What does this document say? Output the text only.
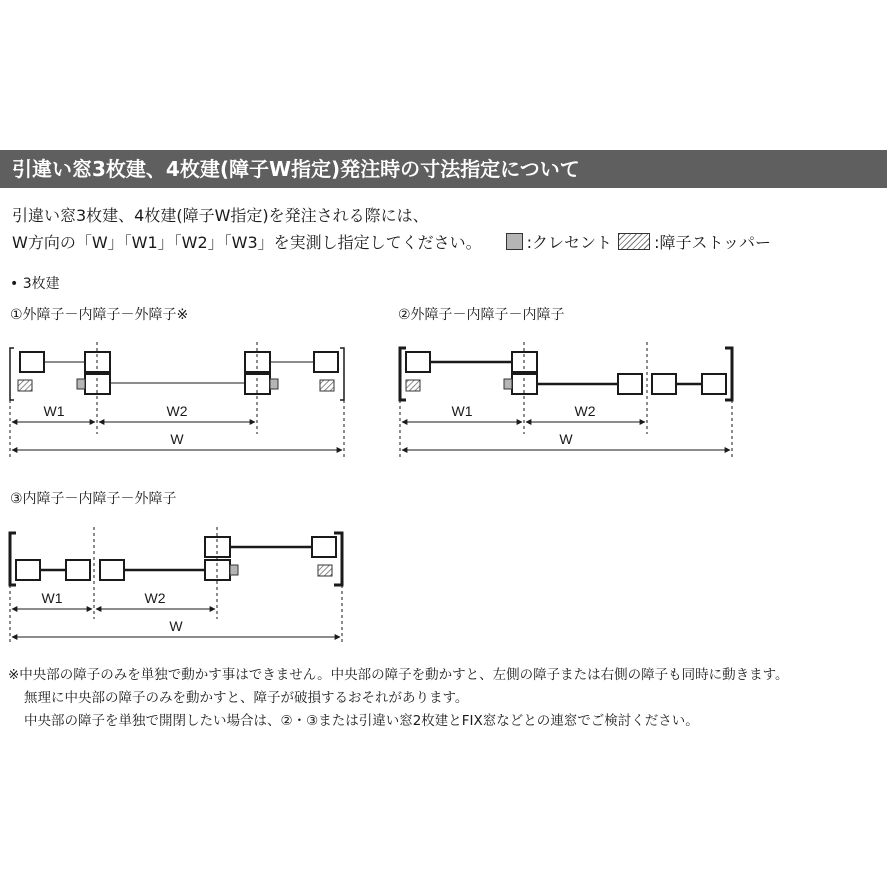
引違い窓3枚建、4枚建(障子W指定)発注時の寸法指定について
引違い窓3枚建、4枚建(障子W指定)を発注される際には、
W方向の「W」「W1」「W2」「W3」を実測し指定してください。	:クレセント	:障子ストッパー
• 3枚建
①外障子－内障子－外障子※	②外障子－内障子－内障子
③内障子－内障子－外障子
W1	W2
W
W1	W2
W
W1	W2
W
※中央部の障子のみを単独で動かす事はできません。中央部の障子を動かすと、左側の障子または右側の障子も同時に動きます。
無理に中央部の障子のみを動かすと、障子が破損するおそれがあります。
中央部の障子を単独で開閉したい場合は、②・③または引違い窓2枚建とFIX窓などとの連窓でご検討ください。
